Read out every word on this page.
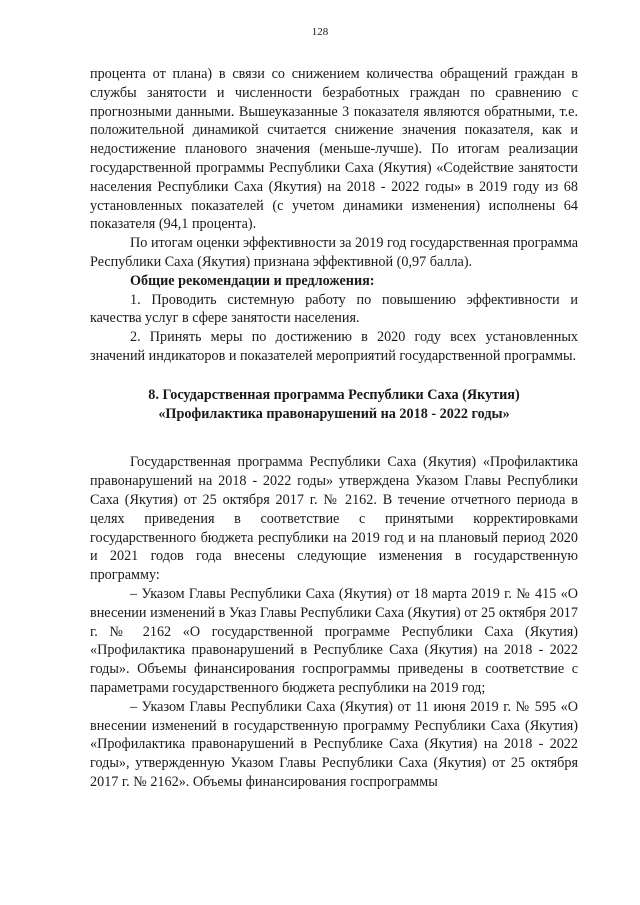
128

процента от плана) в связи со снижением количества обращений граждан в службы занятости и численности безработных граждан по сравнению с прогнозными данными. Вышеуказанные 3 показателя являются обратными, т.е. положительной динамикой считается снижение значения показателя, как и недостижение планового значения (меньше-лучше). По итогам реализации государственной программы Республики Саха (Якутия) «Содействие занятости населения Республики Саха (Якутия) на 2018 - 2022 годы» в 2019 году из 68 установленных показателей (с учетом динамики изменения) исполнены 64 показателя (94,1 процента).

По итогам оценки эффективности за 2019 год государственная программа Республики Саха (Якутия) признана эффективной (0,97 балла).

Общие рекомендации и предложения:

1. Проводить системную работу по повышению эффективности и качества услуг в сфере занятости населения.

2. Принять меры по достижению в 2020 году всех установленных значений индикаторов и показателей мероприятий государственной программы.

8. Государственная программа Республики Саха (Якутия)
«Профилактика правонарушений на 2018 - 2022 годы»

Государственная программа Республики Саха (Якутия) «Профилактика правонарушений на 2018 - 2022 годы» утверждена Указом Главы Республики Саха (Якутия) от 25 октября 2017 г. № 2162. В течение отчетного периода в целях приведения в соответствие с принятыми корректировками государственного бюджета республики на 2019 год и на плановый период 2020 и 2021 годов года внесены следующие изменения в государственную программу:

– Указом Главы Республики Саха (Якутия) от 18 марта 2019 г. № 415 «О внесении изменений в Указ Главы Республики Саха (Якутия) от 25 октября 2017 г. № 2162 «О государственной программе Республики Саха (Якутия) «Профилактика правонарушений в Республике Саха (Якутия) на 2018 - 2022 годы». Объемы финансирования госпрограммы приведены в соответствие с параметрами государственного бюджета республики на 2019 год;

– Указом Главы Республики Саха (Якутия) от 11 июня 2019 г. № 595 «О внесении изменений в государственную программу Республики Саха (Якутия) «Профилактика правонарушений в Республике Саха (Якутия) на 2018 - 2022 годы», утвержденную Указом Главы Республики Саха (Якутия) от 25 октября 2017 г. № 2162». Объемы финансирования госпрограммы
